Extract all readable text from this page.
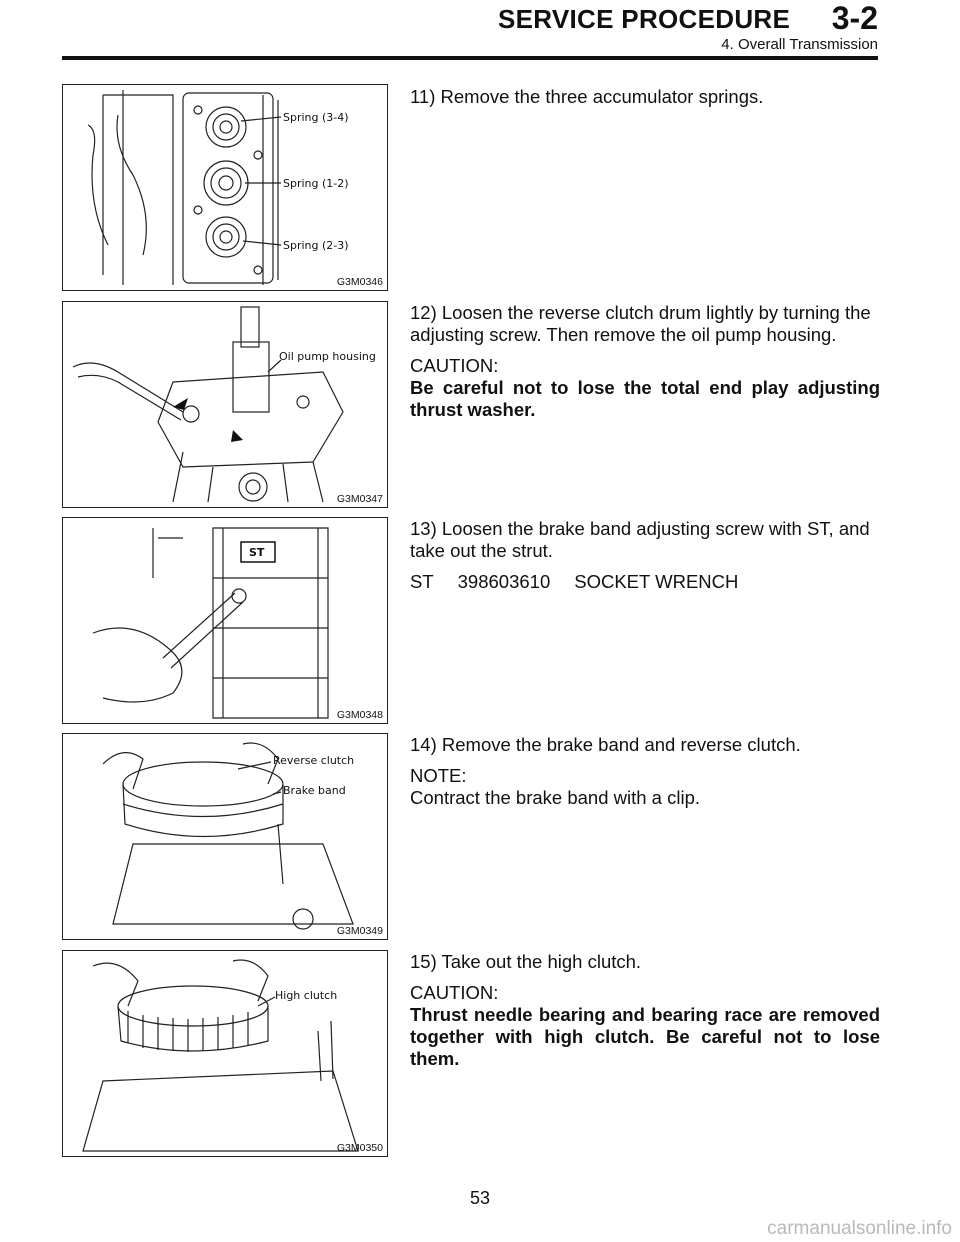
SERVICE PROCEDURE 3-2
4. Overall Transmission
Spring (3-4)
Spring (1-2)
Spring (2-3)
G3M0346

11) Remove the three accumulator springs.

Oil pump housing
G3M0347

12) Loosen the reverse clutch drum lightly by turning the adjusting screw. Then remove the oil pump housing.

CAUTION:

Be careful not to lose the total end play adjusting thrust washer.

ST
G3M0348

13) Loosen the brake band adjusting screw with ST, and take out the strut.

ST 398603610 SOCKET WRENCH

Reverse clutch
Brake band
G3M0349

14) Remove the brake band and reverse clutch.

NOTE:

Contract the brake band with a clip.

High clutch
G3M0350

15) Take out the high clutch.

CAUTION:

Thrust needle bearing and bearing race are removed together with high clutch. Be careful not to lose them.

53
carmanualsonline.info
